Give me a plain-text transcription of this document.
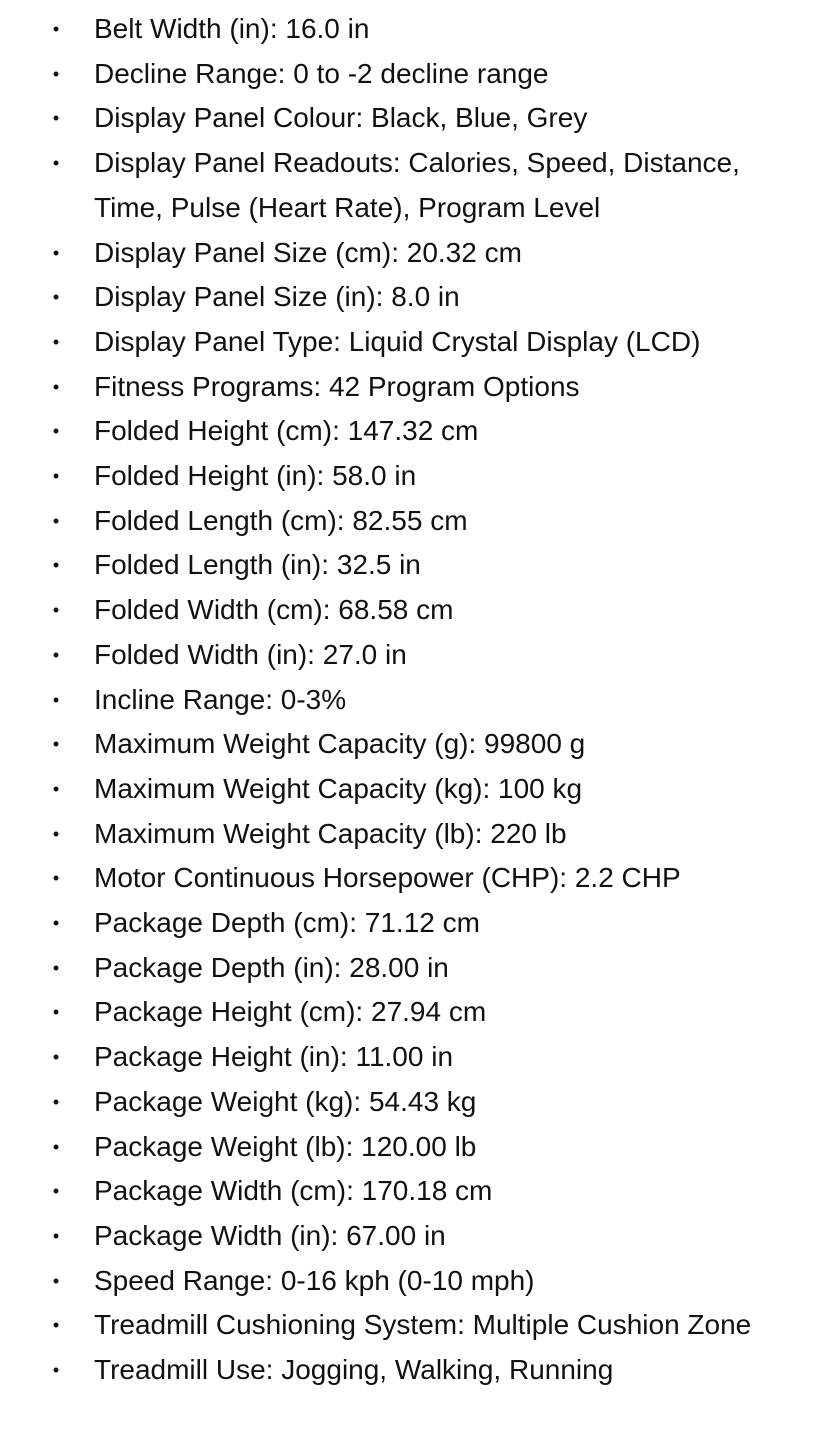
• Belt Width (in): 16.0 in
• Decline Range: 0 to -2 decline range
• Display Panel Colour: Black, Blue, Grey
• Display Panel Readouts: Calories, Speed, Distance, Time, Pulse (Heart Rate), Program Level
• Display Panel Size (cm): 20.32 cm
• Display Panel Size (in): 8.0 in
• Display Panel Type: Liquid Crystal Display (LCD)
• Fitness Programs: 42 Program Options
• Folded Height (cm): 147.32 cm
• Folded Height (in): 58.0 in
• Folded Length (cm): 82.55 cm
• Folded Length (in): 32.5 in
• Folded Width (cm): 68.58 cm
• Folded Width (in): 27.0 in
• Incline Range: 0-3%
• Maximum Weight Capacity (g): 99800 g
• Maximum Weight Capacity (kg): 100 kg
• Maximum Weight Capacity (lb): 220 lb
• Motor Continuous Horsepower (CHP): 2.2 CHP
• Package Depth (cm): 71.12 cm
• Package Depth (in): 28.00 in
• Package Height (cm): 27.94 cm
• Package Height (in): 11.00 in
• Package Weight (kg): 54.43 kg
• Package Weight (lb): 120.00 lb
• Package Width (cm): 170.18 cm
• Package Width (in): 67.00 in
• Speed Range: 0-16 kph (0-10 mph)
• Treadmill Cushioning System: Multiple Cushion Zone
• Treadmill Use: Jogging, Walking, Running
